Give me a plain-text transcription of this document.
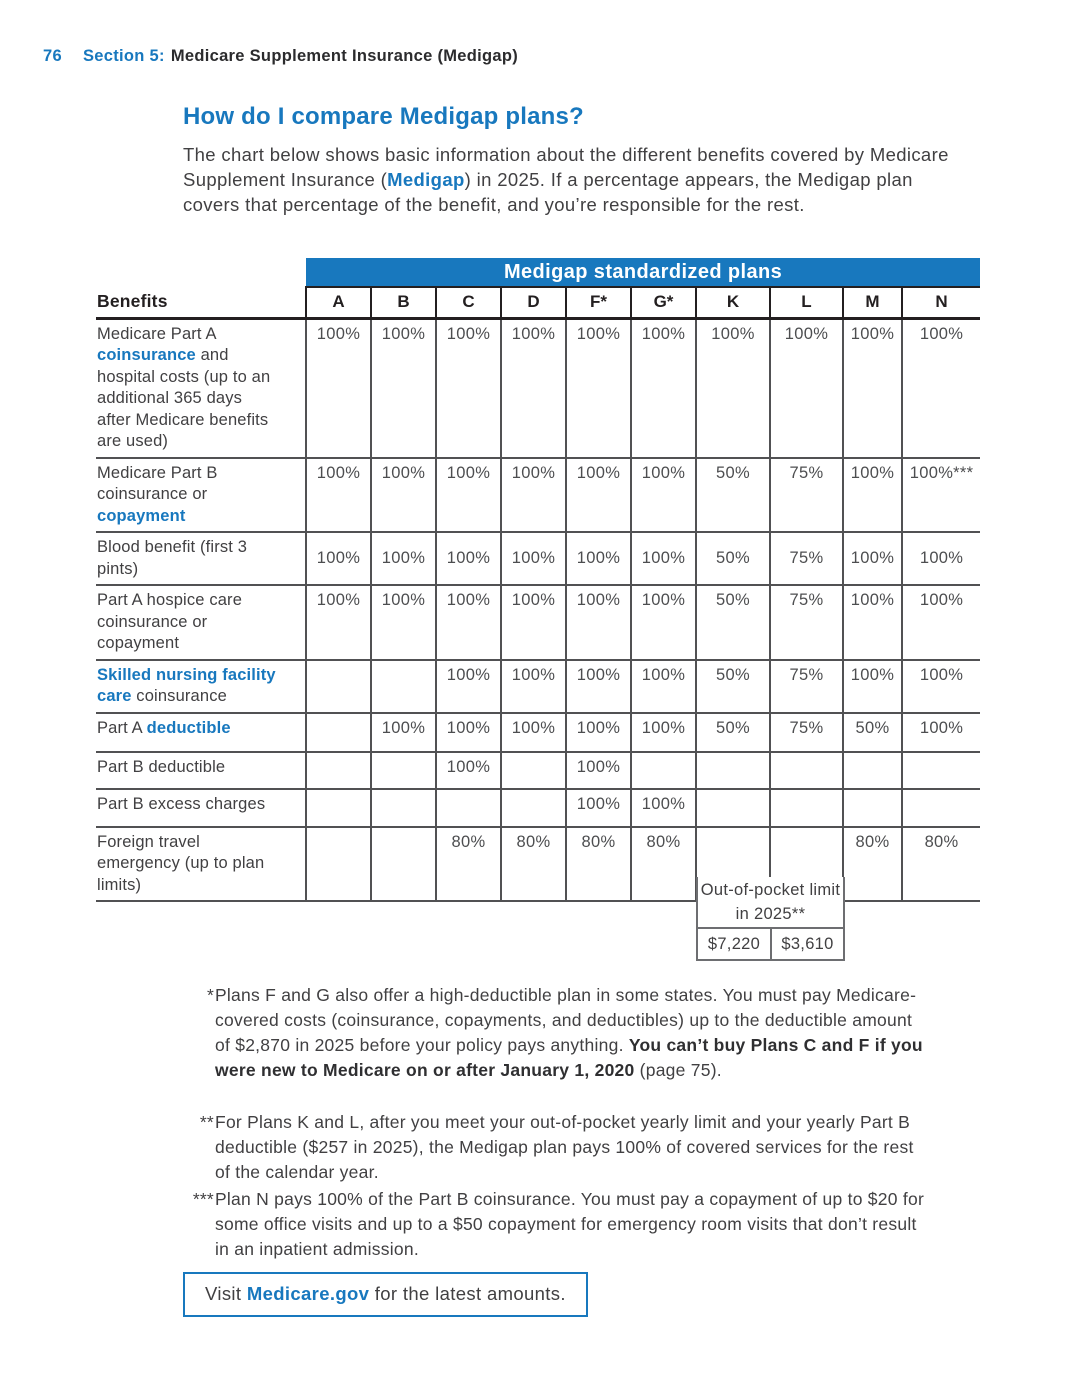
76 Section 5: Medicare Supplement Insurance (Medigap)
How do I compare Medigap plans?

The chart below shows basic information about the different benefits covered by Medicare Supplement Insurance (Medigap) in 2025. If a percentage appears, the Medigap plan covers that percentage of the benefit, and you’re responsible for the rest.

	Medigap standardized plans									
Benefits	A	B	C	D	F*	G*	K	L	M	N
Medicare Part A coinsurance and hospital costs (up to an additional 365 days after Medicare benefits are used)	100%	100%	100%	100%	100%	100%	100%	100%	100%	100%
Medicare Part B coinsurance or copayment	100%	100%	100%	100%	100%	100%	50%	75%	100%	100%***
Blood benefit (first 3 pints)	100%	100%	100%	100%	100%	100%	50%	75%	100%	100%
Part A hospice care coinsurance or copayment	100%	100%	100%	100%	100%	100%	50%	75%	100%	100%
Skilled nursing facility care coinsurance			100%	100%	100%	100%	50%	75%	100%	100%
Part A deductible		100%	100%	100%	100%	100%	50%	75%	50%	100%
Part B deductible			100%		100%					
Part B excess charges					100%	100%				
Foreign travel emergency (up to plan limits)			80%	80%	80%	80%			80%	80%
Out-of-pocket limit in 2025**
$7,220	$3,610
* Plans F and G also offer a high-deductible plan in some states. You must pay Medicare-covered costs (coinsurance, copayments, and deductibles) up to the deductible amount of $2,870 in 2025 before your policy pays anything. You can’t buy Plans C and F if you were new to Medicare on or after January 1, 2020 (page 75).
** For Plans K and L, after you meet your out-of-pocket yearly limit and your yearly Part B deductible ($257 in 2025), the Medigap plan pays 100% of covered services for the rest of the calendar year.
*** Plan N pays 100% of the Part B coinsurance. You must pay a copayment of up to $20 for some office visits and up to a $50 copayment for emergency room visits that don’t result in an inpatient admission.
Visit Medicare.gov for the latest amounts.
